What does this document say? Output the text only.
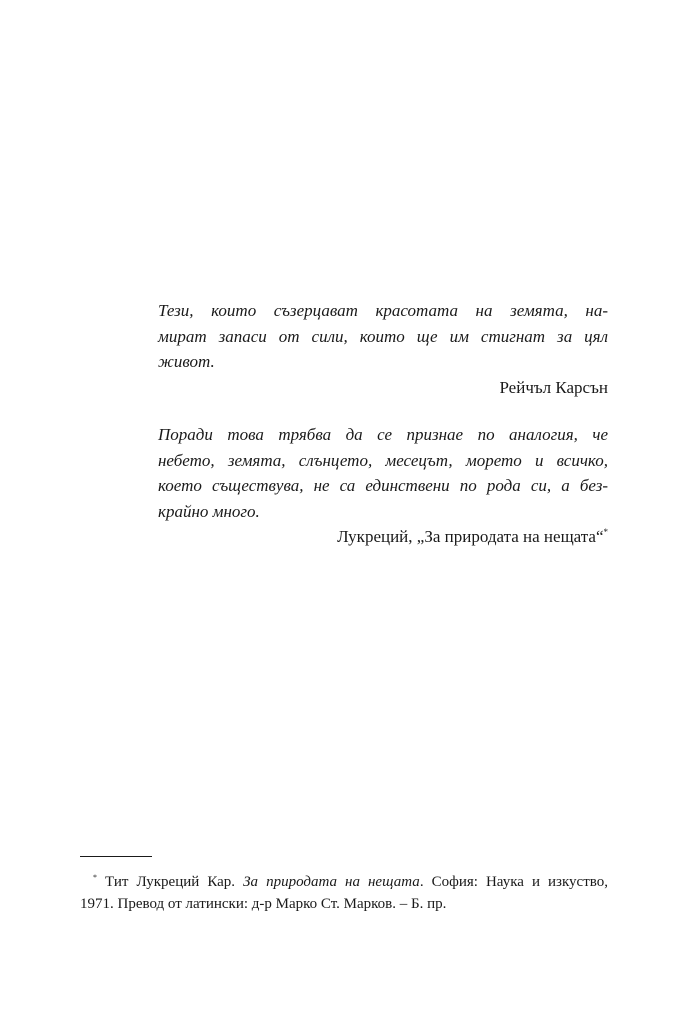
Тези, които съзерцават красотата на земята, на-
мират запаси от сили, които ще им стигнат за цял
живот.

Рейчъл Карсън

Поради това трябва да се признае по аналогия, че
небето, земята, слънцето, месецът, морето и всичко,
което съществува, не са единствени по рода си, а без-
крайно много.

Лукреций, „За природата на нещата“*

* Тит Лукреций Кар. За природата на нещата. София: Наука и изкуство,
1971. Превод от латински: д-р Марко Ст. Марков. – Б. пр.
